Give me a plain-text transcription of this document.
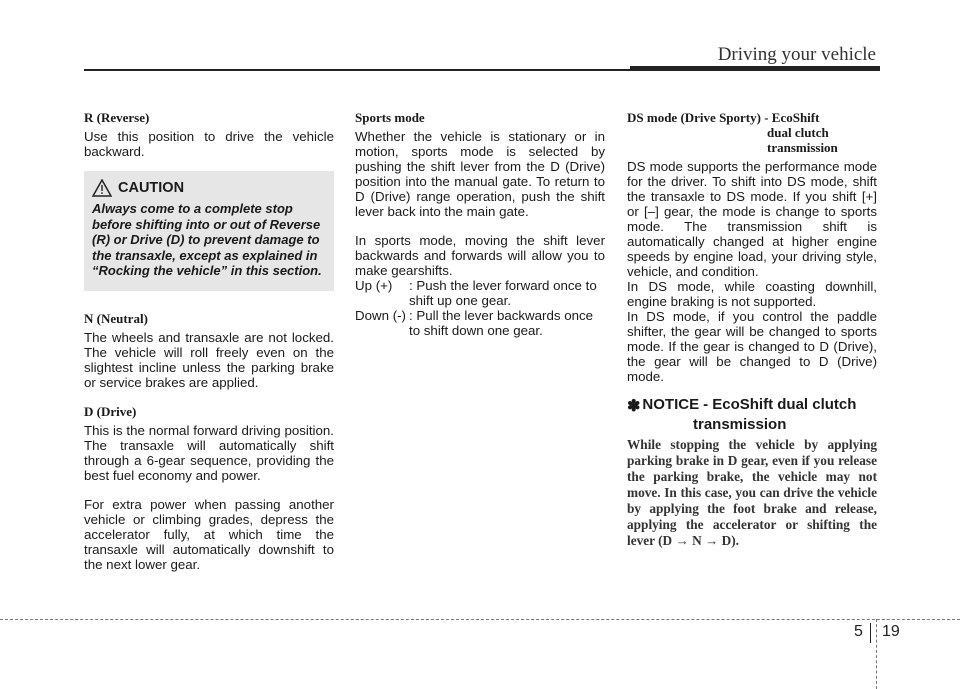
Driving your vehicle
R (Reverse)

Use this position to drive the vehicle backward.

CAUTION
Always come to a complete stop before shifting into or out of Reverse (R) or Drive (D) to prevent damage to the transaxle, except as explained in “Rocking the vehicle” in this section.
N (Neutral)

The wheels and transaxle are not locked. The vehicle will roll freely even on the slightest incline unless the parking brake or service brakes are applied.

D (Drive)

This is the normal forward driving position. The transaxle will automatically shift through a 6-gear sequence, providing the best fuel economy and power.

For extra power when passing another vehicle or climbing grades, depress the accelerator fully, at which time the transaxle will automatically downshift to the next lower gear.

Sports mode

Whether the vehicle is stationary or in motion, sports mode is selected by pushing the shift lever from the D (Drive) position into the manual gate. To return to D (Drive) range operation, push the shift lever back into the main gate.

In sports mode, moving the shift lever backwards and forwards will allow you to make gearshifts.

Up (+)	: Push the lever forward once to shift up one gear.
Down (-) : Pull the lever backwards once to shift down one gear.
DS mode (Drive Sporty) - EcoShift
dual clutch
transmission

DS mode supports the performance mode for the driver. To shift into DS mode, shift the transaxle to DS mode. If you shift [+] or [–] gear, the mode is change to sports mode. The transmission shift is automatically changed at higher engine speeds by engine load, your driving style, vehicle, and condition.
In DS mode, while coasting downhill, engine braking is not supported.
In DS mode, if you control the paddle shifter, the gear will be changed to sports mode. If the gear is changed to D (Drive), the gear will be changed to D (Drive) mode.

✽ NOTICE - EcoShift dual clutch
transmission
While stopping the vehicle by applying parking brake in D gear, even if you release the parking brake, the vehicle may not move. In this case, you can drive the vehicle by applying the foot brake and release, applying the accelerator or shifting the lever (D → N → D).
5 19
